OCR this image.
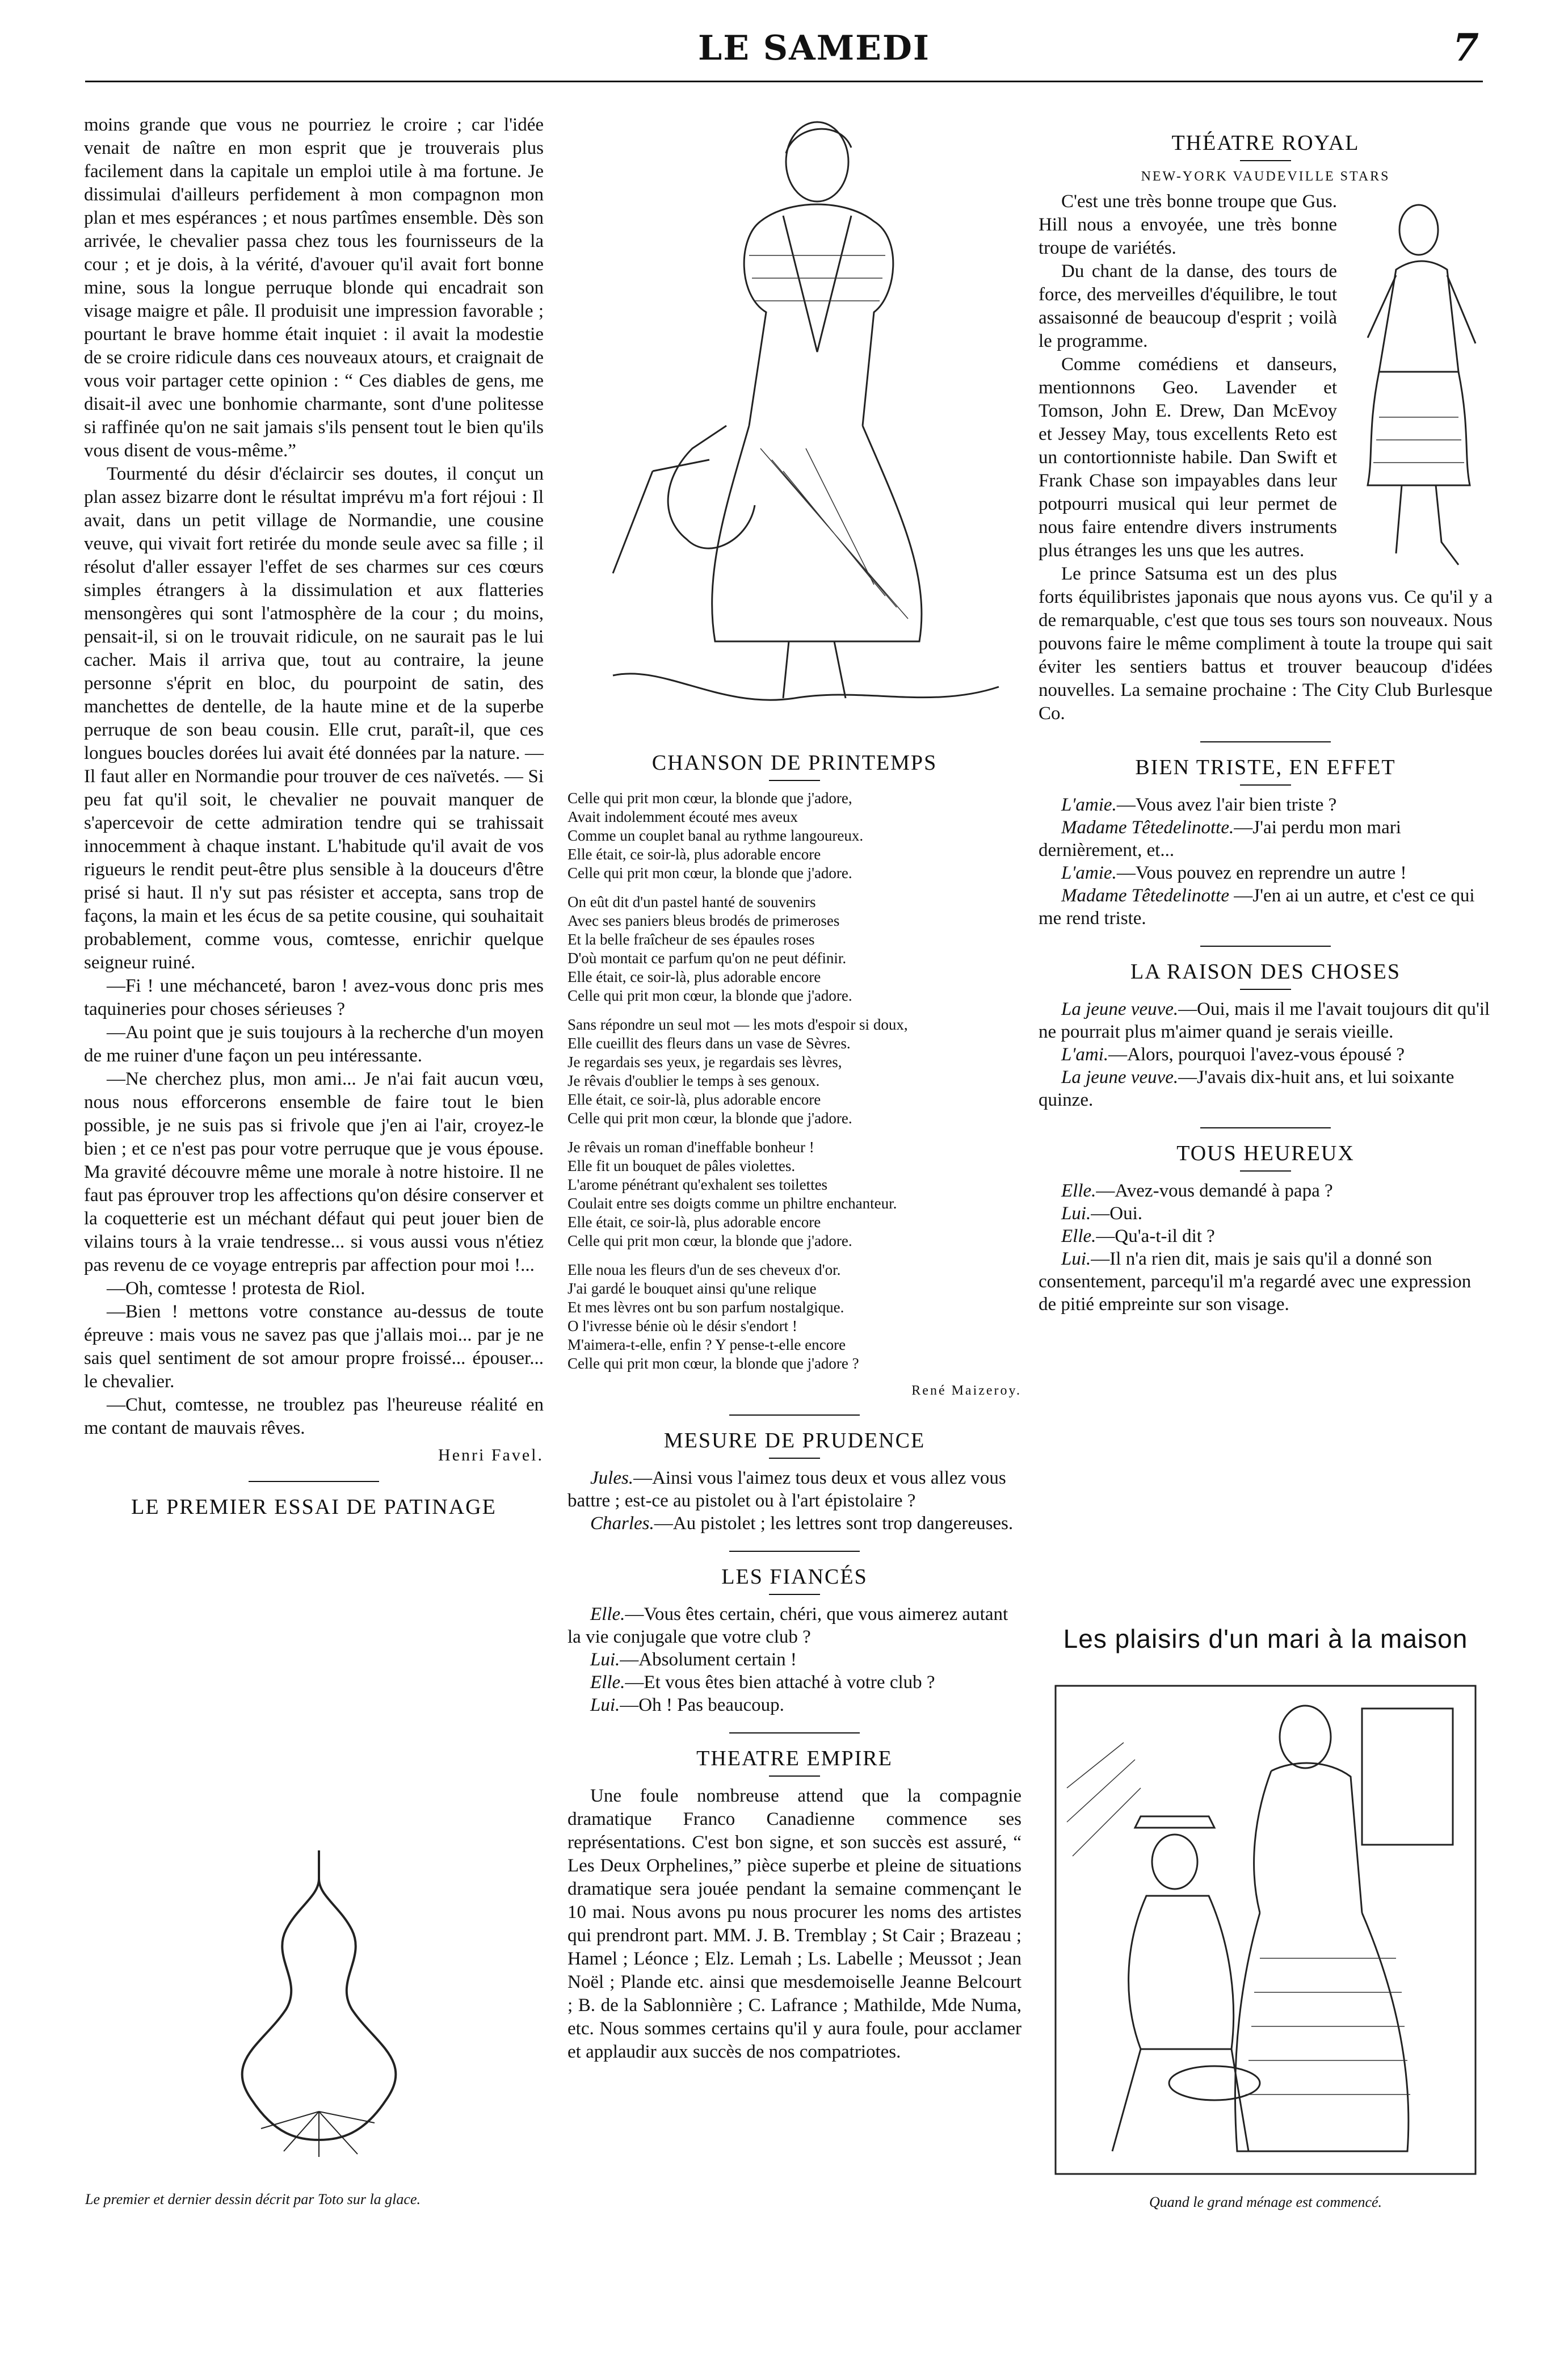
LE SAMEDI	7

moins grande que vous ne pourriez le croire ; car l'idée venait de naître en mon esprit que je trouverais plus facilement dans la capitale un emploi utile à ma fortune. Je dissimulai d'ailleurs perfidement à mon compagnon mon plan et mes espérances ; et nous partîmes ensemble. Dès son arrivée, le chevalier passa chez tous les fournisseurs de la cour ; et je dois, à la vérité, d'avouer qu'il avait fort bonne mine, sous la longue perruque blonde qui encadrait son visage maigre et pâle. Il produisit une impression favorable ; pourtant le brave homme était inquiet : il avait la modestie de se croire ridicule dans ces nouveaux atours, et craignait de vous voir partager cette opinion : “ Ces diables de gens, me disait-il avec une bonhomie charmante, sont d'une politesse si raffinée qu'on ne sait jamais s'ils pensent tout le bien qu'ils vous disent de vous-même.”

Tourmenté du désir d'éclaircir ses doutes, il conçut un plan assez bizarre dont le résultat imprévu m'a fort réjoui : Il avait, dans un petit village de Normandie, une cousine veuve, qui vivait fort retirée du monde seule avec sa fille ; il résolut d'aller essayer l'effet de ses charmes sur ces cœurs simples étrangers à la dissimulation et aux flatteries mensongères qui sont l'atmosphère de la cour ; du moins, pensait-il, si on le trouvait ridicule, on ne saurait pas le lui cacher. Mais il arriva que, tout au contraire, la jeune personne s'éprit en bloc, du pourpoint de satin, des manchettes de dentelle, de la haute mine et de la superbe perruque de son beau cousin. Elle crut, paraît-il, que ces longues boucles dorées lui avait été données par la nature. — Il faut aller en Normandie pour trouver de ces naïvetés. — Si peu fat qu'il soit, le chevalier ne pouvait manquer de s'apercevoir de cette admiration tendre qui se trahissait innocemment à chaque instant. L'habitude qu'il avait de vos rigueurs le rendit peut-être plus sensible à la douceurs d'être prisé si haut. Il n'y sut pas résister et accepta, sans trop de façons, la main et les écus de sa petite cousine, qui souhaitait probablement, comme vous, comtesse, enrichir quelque seigneur ruiné.

—Fi ! une méchanceté, baron ! avez-vous donc pris mes taquineries pour choses sérieuses ?

—Au point que je suis toujours à la recherche d'un moyen de me ruiner d'une façon un peu intéressante.

—Ne cherchez plus, mon ami... Je n'ai fait aucun vœu, nous nous efforcerons ensemble de faire tout le bien possible, je ne suis pas si frivole que j'en ai l'air, croyez-le bien ; et ce n'est pas pour votre perruque que je vous épouse. Ma gravité découvre même une morale à notre histoire. Il ne faut pas éprouver trop les affections qu'on désire conserver et la coquetterie est un méchant défaut qui peut jouer bien de vilains tours à la vraie tendresse... si vous aussi vous n'étiez pas revenu de ce voyage entrepris par affection pour moi !...

—Oh, comtesse ! protesta de Riol.

—Bien ! mettons votre constance au-dessus de toute épreuve : mais vous ne savez pas que j'allais moi... par je ne sais quel sentiment de sot amour propre froissé... épouser... le chevalier.

—Chut, comtesse, ne troublez pas l'heureuse réalité en me contant de mauvais rêves.

Henri Favel.
LE PREMIER ESSAI DE PATINAGE
Le premier et dernier dessin décrit par Toto sur la glace.
CHANSON DE PRINTEMPS
Celle qui prit mon cœur, la blonde que j'adore,
Avait indolemment écouté mes aveux
Comme un couplet banal au rythme langoureux.
Elle était, ce soir-là, plus adorable encore
Celle qui prit mon cœur, la blonde que j'adore.
On eût dit d'un pastel hanté de souvenirs
Avec ses paniers bleus brodés de primeroses
Et la belle fraîcheur de ses épaules roses
D'où montait ce parfum qu'on ne peut définir.
Elle était, ce soir-là, plus adorable encore
Celle qui prit mon cœur, la blonde que j'adore.
Sans répondre un seul mot — les mots d'espoir si doux,
Elle cueillit des fleurs dans un vase de Sèvres.
Je regardais ses yeux, je regardais ses lèvres,
Je rêvais d'oublier le temps à ses genoux.
Elle était, ce soir-là, plus adorable encore
Celle qui prit mon cœur, la blonde que j'adore.
Je rêvais un roman d'ineffable bonheur !
Elle fit un bouquet de pâles violettes.
L'arome pénétrant qu'exhalent ses toilettes
Coulait entre ses doigts comme un philtre enchanteur.
Elle était, ce soir-là, plus adorable encore
Celle qui prit mon cœur, la blonde que j'adore.
Elle noua les fleurs d'un de ses cheveux d'or.
J'ai gardé le bouquet ainsi qu'une relique
Et mes lèvres ont bu son parfum nostalgique.
O l'ivresse bénie où le désir s'endort !
M'aimera-t-elle, enfin ? Y pense-t-elle encore
Celle qui prit mon cœur, la blonde que j'adore ?
René Maizeroy.
MESURE DE PRUDENCE
Jules.—Ainsi vous l'aimez tous deux et vous allez vous battre ; est-ce au pistolet ou à l'art épistolaire ?
Charles.—Au pistolet ; les lettres sont trop dangereuses.
LES FIANCÉS
Elle.—Vous êtes certain, chéri, que vous aimerez autant la vie conjugale que votre club ?
Lui.—Absolument certain !
Elle.—Et vous êtes bien attaché à votre club ?
Lui.—Oh ! Pas beaucoup.
THEATRE EMPIRE

Une foule nombreuse attend que la compagnie dramatique Franco Canadienne commence ses représentations. C'est bon signe, et son succès est assuré, “ Les Deux Orphelines,” pièce superbe et pleine de situations dramatique sera jouée pendant la semaine commençant le 10 mai. Nous avons pu nous procurer les noms des artistes qui prendront part. MM. J. B. Tremblay ; St Cair ; Brazeau ; Hamel ; Léonce ; Elz. Lemah ; Ls. Labelle ; Meussot ; Jean Noël ; Plande etc. ainsi que mesdemoiselle Jeanne Belcourt ; B. de la Sablonnière ; C. Lafrance ; Mathilde, Mde Numa, etc. Nous sommes certains qu'il y aura foule, pour acclamer et applaudir aux succès de nos compatriotes.

THÉATRE ROYAL
NEW-YORK VAUDEVILLE STARS

C'est une très bonne troupe que Gus. Hill nous a envoyée, une très bonne troupe de variétés.

Du chant de la danse, des tours de force, des merveilles d'équilibre, le tout assaisonné de beaucoup d'esprit ; voilà le programme.

Comme comédiens et danseurs, mentionnons Geo. Lavender et Tomson, John E. Drew, Dan McEvoy et Jessey May, tous excellents Reto est un contortionniste habile. Dan Swift et Frank Chase son impayables dans leur potpourri musical qui leur permet de nous faire entendre divers instruments plus étranges les uns que les autres.

Le prince Satsuma est un des plus forts équilibristes japonais que nous ayons vus. Ce qu'il y a de remarquable, c'est que tous ses tours son nouveaux. Nous pouvons faire le même compliment à toute la troupe qui sait éviter les sentiers battus et trouver beaucoup d'idées nouvelles. La semaine prochaine : The City Club Burlesque Co.

BIEN TRISTE, EN EFFET
L'amie.—Vous avez l'air bien triste ?
Madame Têtedelinotte.—J'ai perdu mon mari dernièrement, et...
L'amie.—Vous pouvez en reprendre un autre !
Madame Têtedelinotte —J'en ai un autre, et c'est ce qui me rend triste.
LA RAISON DES CHOSES
La jeune veuve.—Oui, mais il me l'avait toujours dit qu'il ne pourrait plus m'aimer quand je serais vieille.
L'ami.—Alors, pourquoi l'avez-vous épousé ?
La jeune veuve.—J'avais dix-huit ans, et lui soixante quinze.
TOUS HEUREUX
Elle.—Avez-vous demandé à papa ?
Lui.—Oui.
Elle.—Qu'a-t-il dit ?
Lui.—Il n'a rien dit, mais je sais qu'il a donné son consentement, parcequ'il m'a regardé avec une expression de pitié empreinte sur son visage.
Les plaisirs d'un mari à la maison
Quand le grand ménage est commencé.
